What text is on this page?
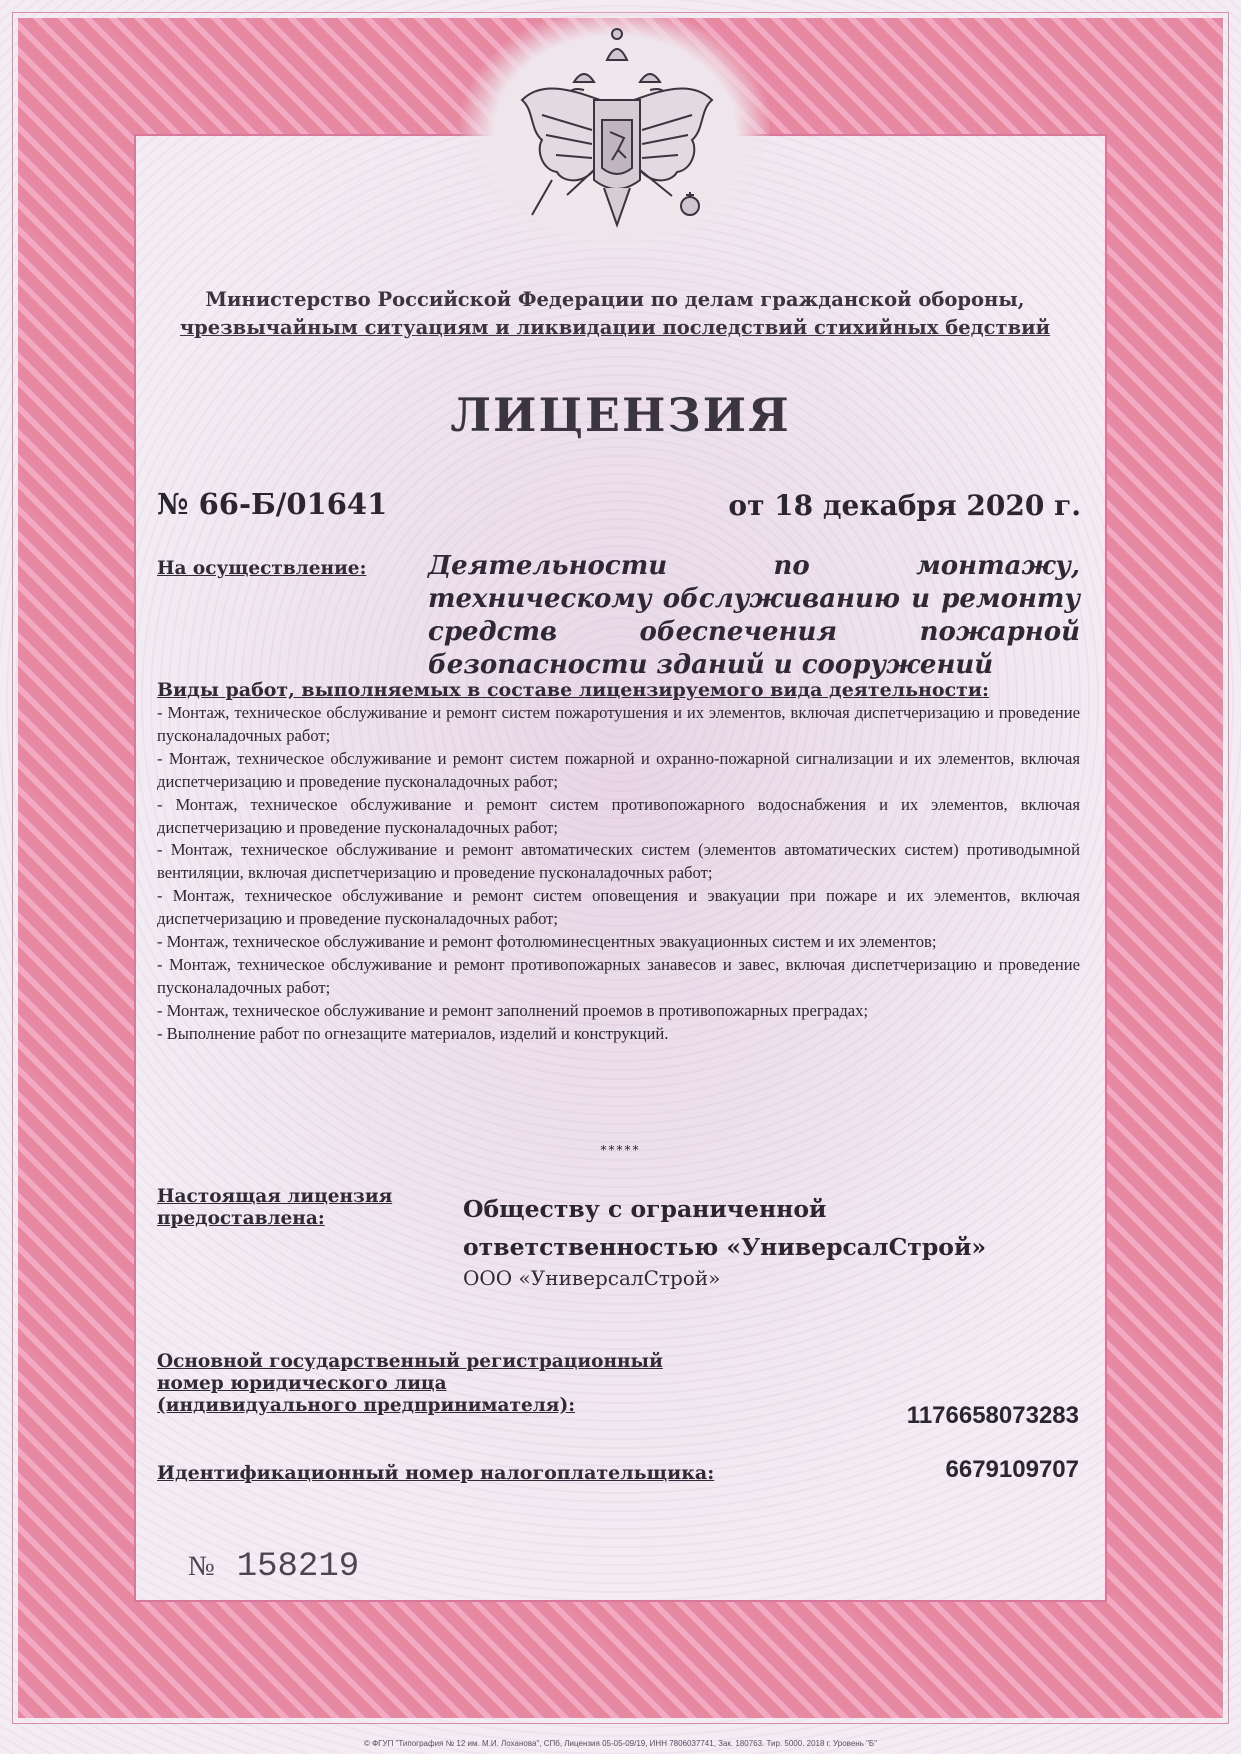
Министерство Российской Федерации по делам гражданской обороны,
чрезвычайным ситуациям и ликвидации последствий стихийных бедствий
ЛИЦЕНЗИЯ
№ 66-Б/01641	от 18 декабря 2020 г.
На осуществление: Деятельности по монтажу, техническому обслуживанию и ремонту средств обеспечения пожарной безопасности зданий и сооружений
Виды работ, выполняемых в составе лицензируемого вида деятельности:
- Монтаж, техническое обслуживание и ремонт систем пожаротушения и их элементов, включая диспетчеризацию и проведение пусконаладочных работ;
- Монтаж, техническое обслуживание и ремонт систем пожарной и охранно-пожарной сигнализации и их элементов, включая диспетчеризацию и проведение пусконаладочных работ;
- Монтаж, техническое обслуживание и ремонт систем противопожарного водоснабжения и их элементов, включая диспетчеризацию и проведение пусконаладочных работ;
- Монтаж, техническое обслуживание и ремонт автоматических систем (элементов автоматических систем) противодымной вентиляции, включая диспетчеризацию и проведение пусконаладочных работ;
- Монтаж, техническое обслуживание и ремонт систем оповещения и эвакуации при пожаре и их элементов, включая диспетчеризацию и проведение пусконаладочных работ;
- Монтаж, техническое обслуживание и ремонт фотолюминесцентных эвакуационных систем и их элементов;
- Монтаж, техническое обслуживание и ремонт противопожарных занавесов и завес, включая диспетчеризацию и проведение пусконаладочных работ;
- Монтаж, техническое обслуживание и ремонт заполнений проемов в противопожарных преградах;
- Выполнение работ по огнезащите материалов, изделий и конструкций.
*****
Настоящая лицензия
предоставлена:	Обществу с ограниченной ответственностью «УниверсалСтрой»
ООО «УниверсалСтрой»
Основной государственный регистрационный
номер юридического лица
(индивидуального предпринимателя):	1176658073283
Идентификационный номер налогоплательщика:	6679109707
№ 158219
© ФГУП "Типография № 12 им. М.И. Лоханова", СПб, Лицензия 05-05-09/19, ИНН 7806037741, Зак. 180763. Тир. 5000. 2018 г. Уровень "Б"
